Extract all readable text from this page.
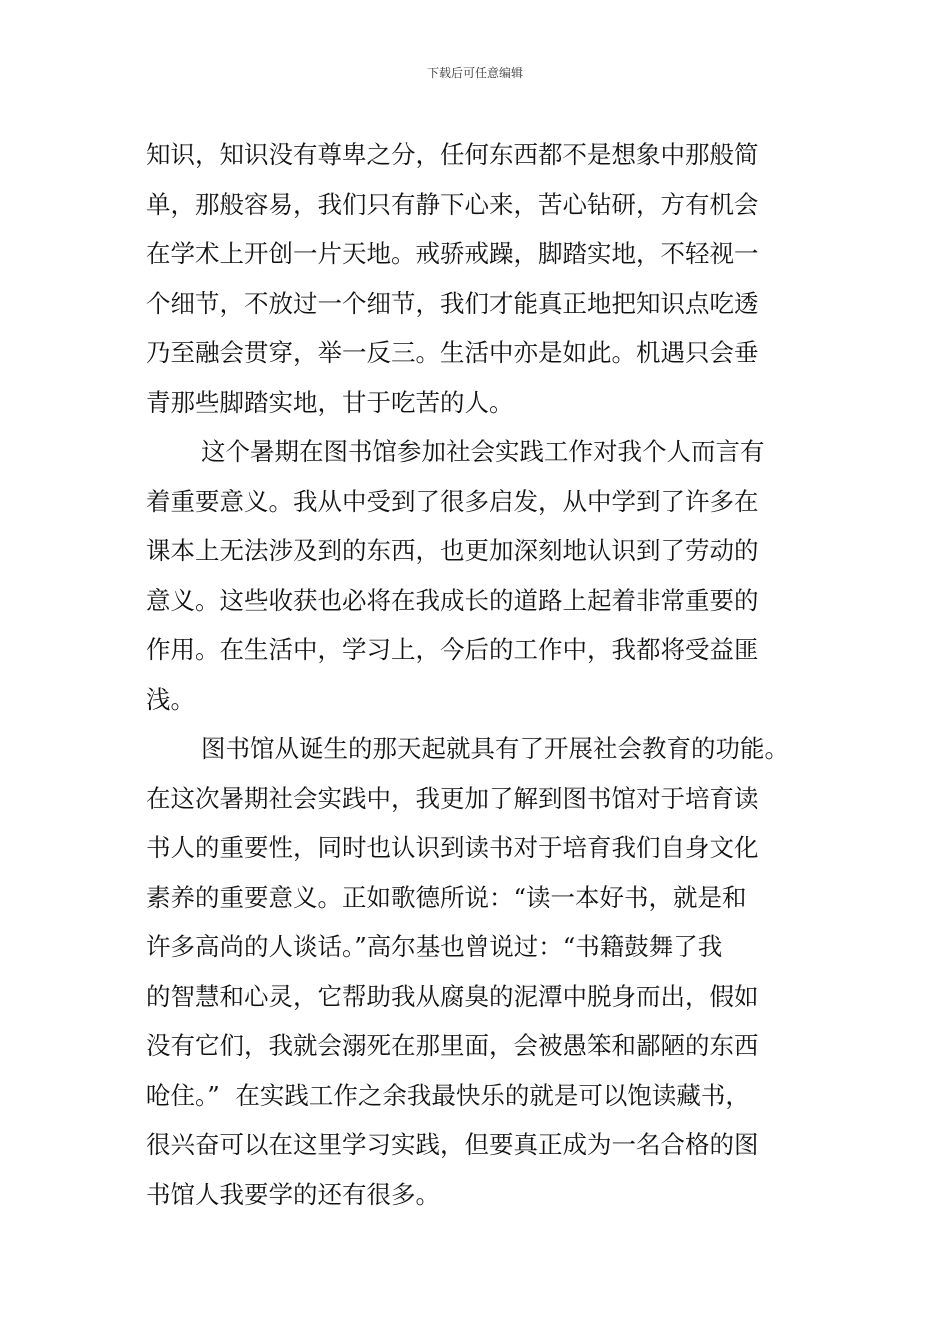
下载后可任意编辑
知识，知识没有尊卑之分，任何东西都不是想象中那般简
单，那般容易，我们只有静下心来，苦心钻研，方有机会
在学术上开创一片天地。戒骄戒躁，脚踏实地，不轻视一
个细节，不放过一个细节，我们才能真正地把知识点吃透
乃至融会贯穿，举一反三。生活中亦是如此。机遇只会垂
青那些脚踏实地，甘于吃苦的人。
这个暑期在图书馆参加社会实践工作对我个人而言有
着重要意义。我从中受到了很多启发，从中学到了许多在
课本上无法涉及到的东西，也更加深刻地认识到了劳动的
意义。这些收获也必将在我成长的道路上起着非常重要的
作用。在生活中，学习上，今后的工作中，我都将受益匪
浅。
图书馆从诞生的那天起就具有了开展社会教育的功能。
在这次暑期社会实践中，我更加了解到图书馆对于培育读
书人的重要性，同时也认识到读书对于培育我们自身文化
素养的重要意义。正如歌德所说：“读一本好书，就是和
许多高尚的人谈话。”高尔基也曾说过：“书籍鼓舞了我
的智慧和心灵，它帮助我从腐臭的泥潭中脱身而出，假如
没有它们，我就会溺死在那里面，会被愚笨和鄙陋的东西
呛住。”  在实践工作之余我最快乐的就是可以饱读藏书，
很兴奋可以在这里学习实践，但要真正成为一名合格的图
书馆人我要学的还有很多。
